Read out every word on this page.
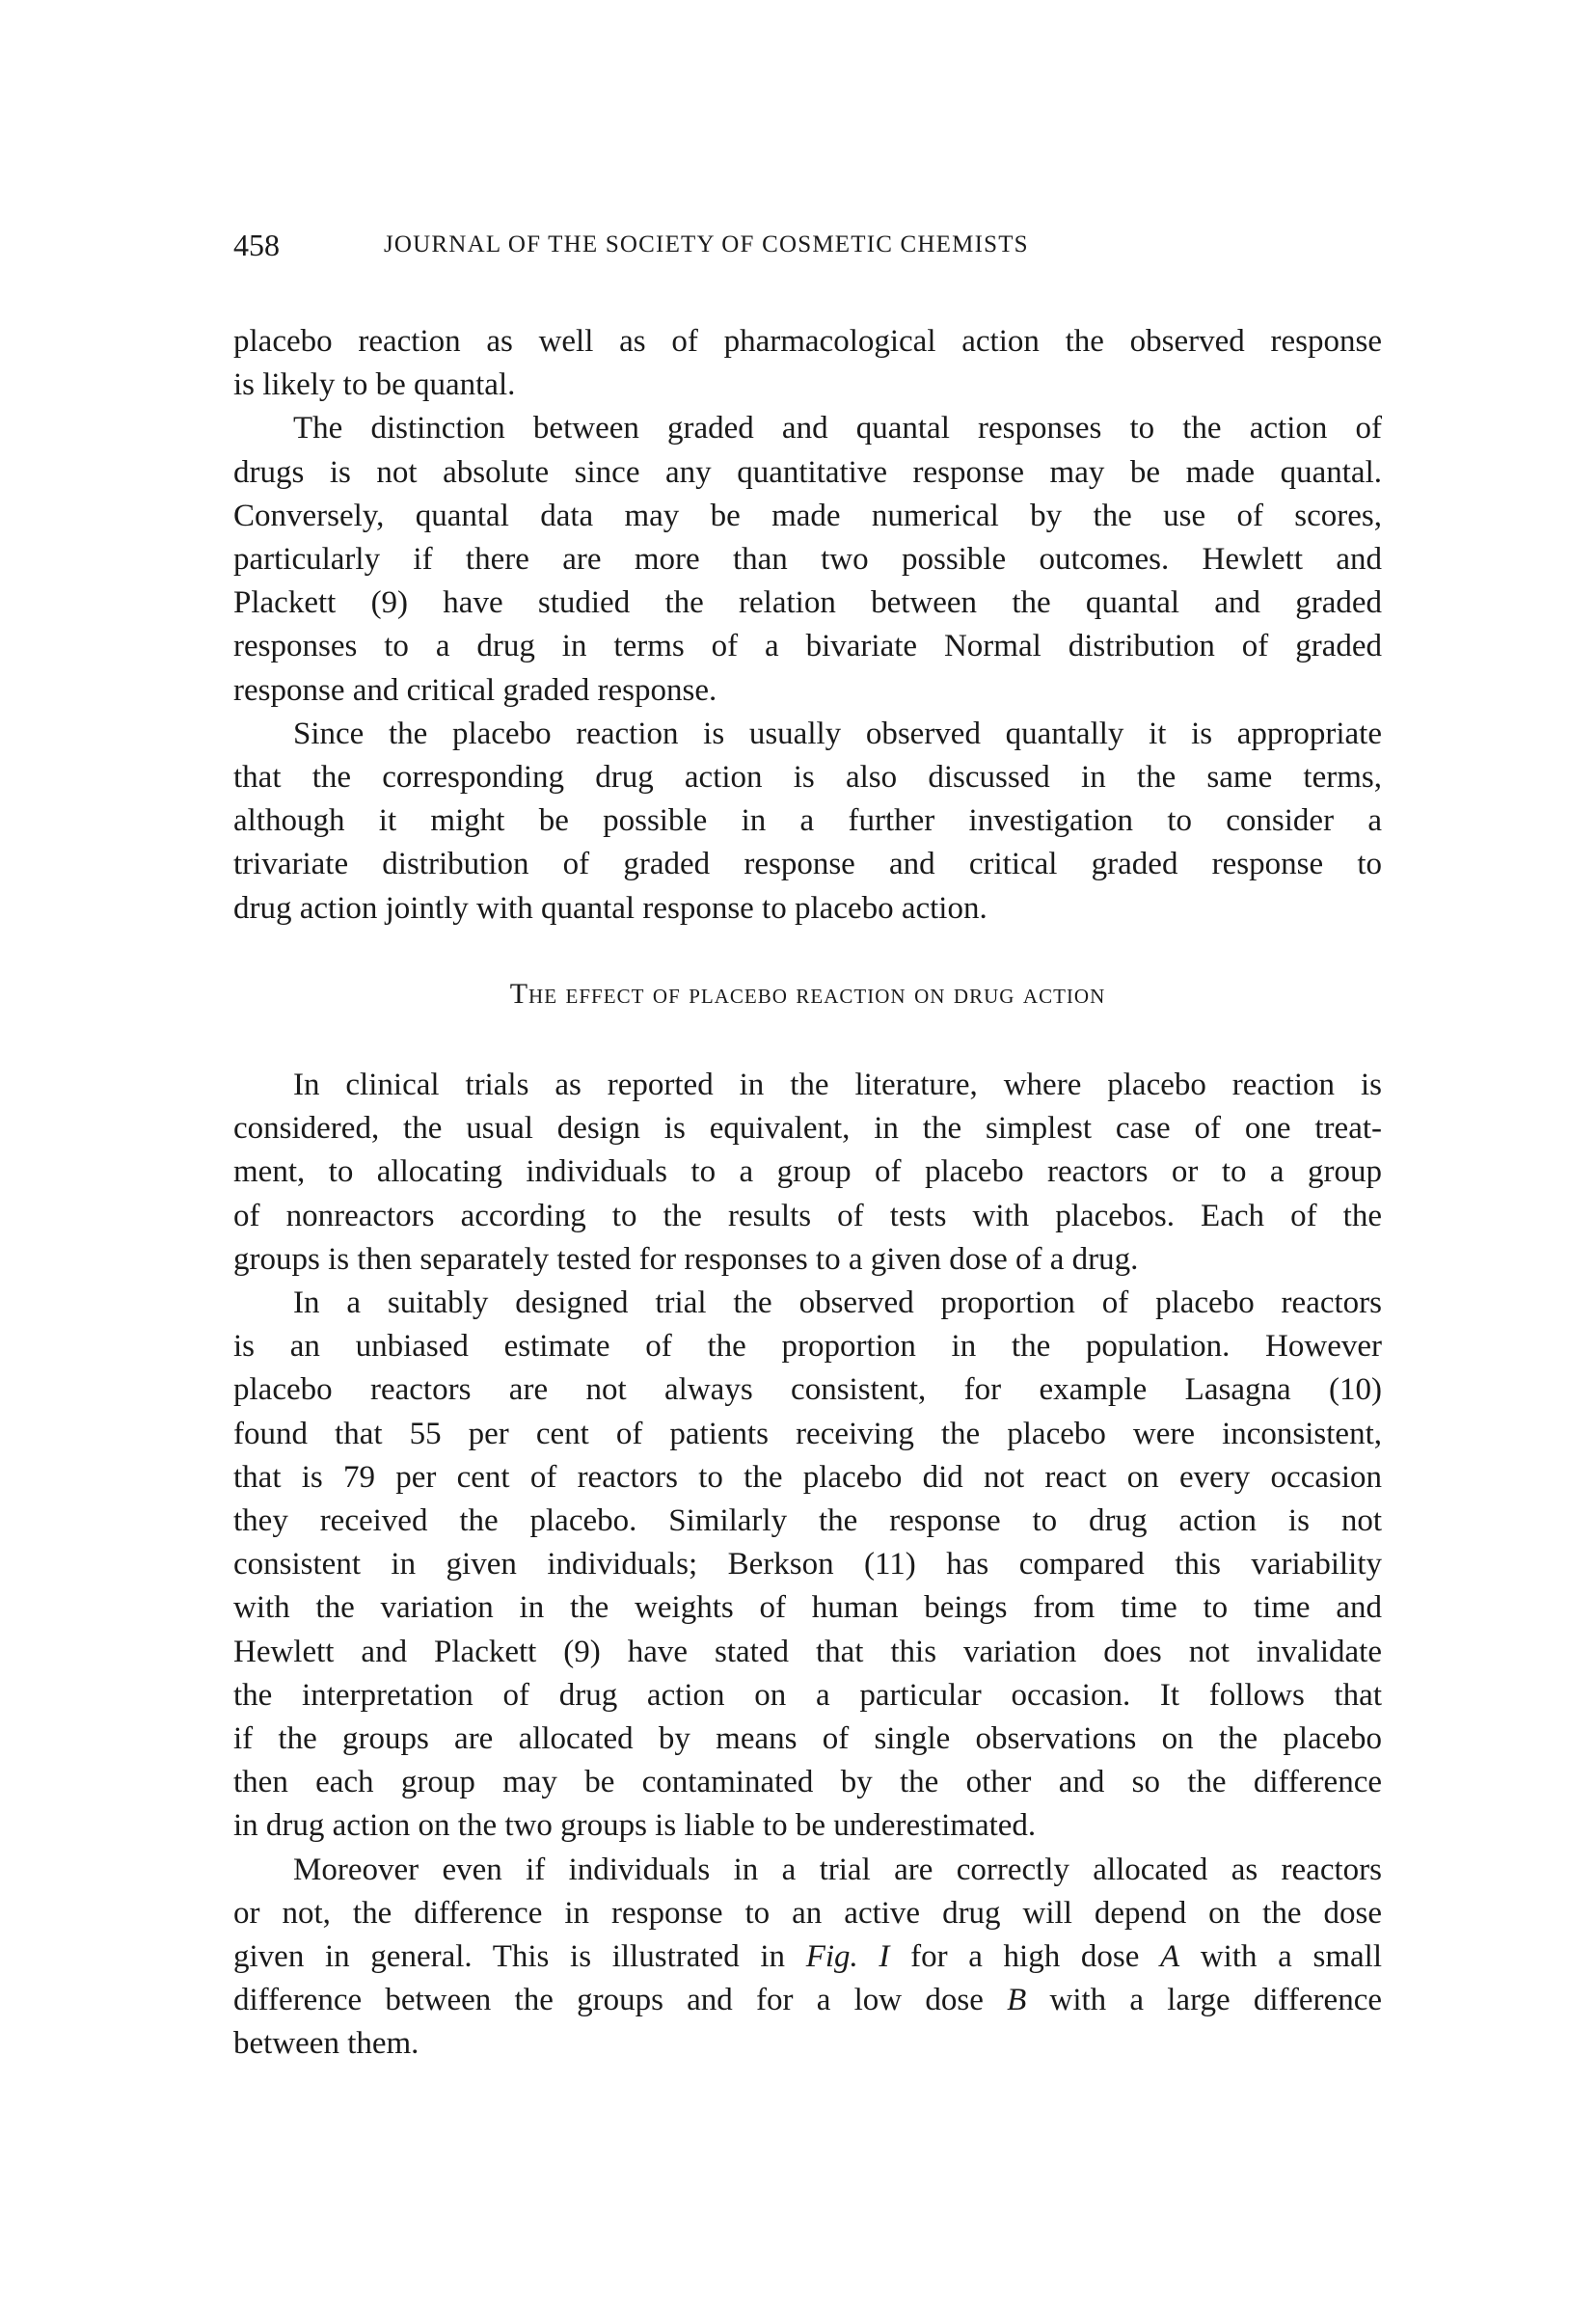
458	JOURNAL OF THE SOCIETY OF COSMETIC CHEMISTS
placebo reaction as well as of pharmacological action the observed response
is likely to be quantal.
The distinction between graded and quantal responses to the action of
drugs is not absolute since any quantitative response may be made quantal.
Conversely, quantal data may be made numerical by the use of scores,
particularly if there are more than two possible outcomes. Hewlett and
Plackett (9) have studied the relation between the quantal and graded
responses to a drug in terms of a bivariate Normal distribution of graded
response and critical graded response.
Since the placebo reaction is usually observed quantally it is appropriate
that the corresponding drug action is also discussed in the same terms,
although it might be possible in a further investigation to consider a
trivariate distribution of graded response and critical graded response to
drug action jointly with quantal response to placebo action.
The effect of placebo reaction on drug action
In clinical trials as reported in the literature, where placebo reaction is
considered, the usual design is equivalent, in the simplest case of one treat-
ment, to allocating individuals to a group of placebo reactors or to a group
of nonreactors according to the results of tests with placebos. Each of the
groups is then separately tested for responses to a given dose of a drug.
In a suitably designed trial the observed proportion of placebo reactors
is an unbiased estimate of the proportion in the population. However
placebo reactors are not always consistent, for example Lasagna (10)
found that 55 per cent of patients receiving the placebo were inconsistent,
that is 79 per cent of reactors to the placebo did not react on every occasion
they received the placebo. Similarly the response to drug action is not
consistent in given individuals; Berkson (11) has compared this variability
with the variation in the weights of human beings from time to time and
Hewlett and Plackett (9) have stated that this variation does not invalidate
the interpretation of drug action on a particular occasion. It follows that
if the groups are allocated by means of single observations on the placebo
then each group may be contaminated by the other and so the difference
in drug action on the two groups is liable to be underestimated.
Moreover even if individuals in a trial are correctly allocated as reactors
or not, the difference in response to an active drug will depend on the dose
given in general. This is illustrated in Fig. I for a high dose A with a small
difference between the groups and for a low dose B with a large difference
between them.
